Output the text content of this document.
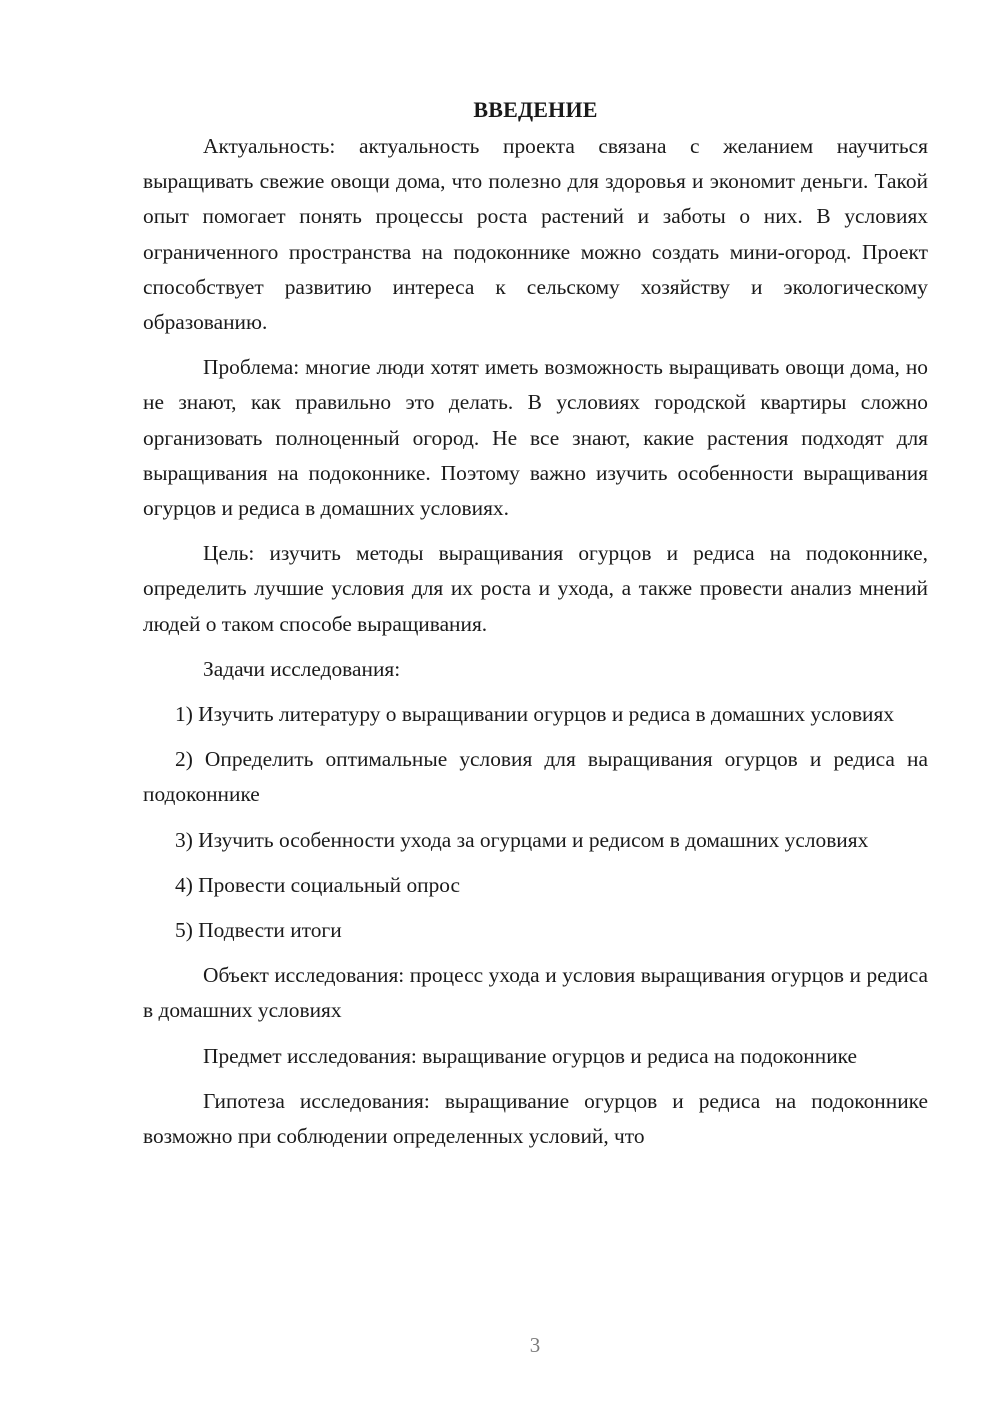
ВВЕДЕНИЕ

Актуальность: актуальность проекта связана с желанием научиться выращивать свежие овощи дома, что полезно для здоровья и экономит деньги. Такой опыт помогает понять процессы роста растений и заботы о них. В условиях ограниченного пространства на подоконнике можно создать мини-огород. Проект способствует развитию интереса к сельскому хозяйству и экологическому образованию.

Проблема: многие люди хотят иметь возможность выращивать овощи дома, но не знают, как правильно это делать. В условиях городской квартиры сложно организовать полноценный огород. Не все знают, какие растения подходят для выращивания на подоконнике. Поэтому важно изучить особенности выращивания огурцов и редиса в домашних условиях.

Цель: изучить методы выращивания огурцов и редиса на подоконнике, определить лучшие условия для их роста и ухода, а также провести анализ мнений людей о таком способе выращивания.

Задачи исследования:

1) Изучить литературу о выращивании огурцов и редиса в домашних условиях

2) Определить оптимальные условия для выращивания огурцов и редиса на подоконнике

3) Изучить особенности ухода за огурцами и редисом в домашних условиях

4) Провести социальный опрос

5) Подвести итоги

Объект исследования: процесс ухода и условия выращивания огурцов и редиса в домашних условиях

Предмет исследования: выращивание огурцов и редиса на подоконнике

Гипотеза исследования: выращивание огурцов и редиса на подоконнике возможно при соблюдении определенных условий, что

3
